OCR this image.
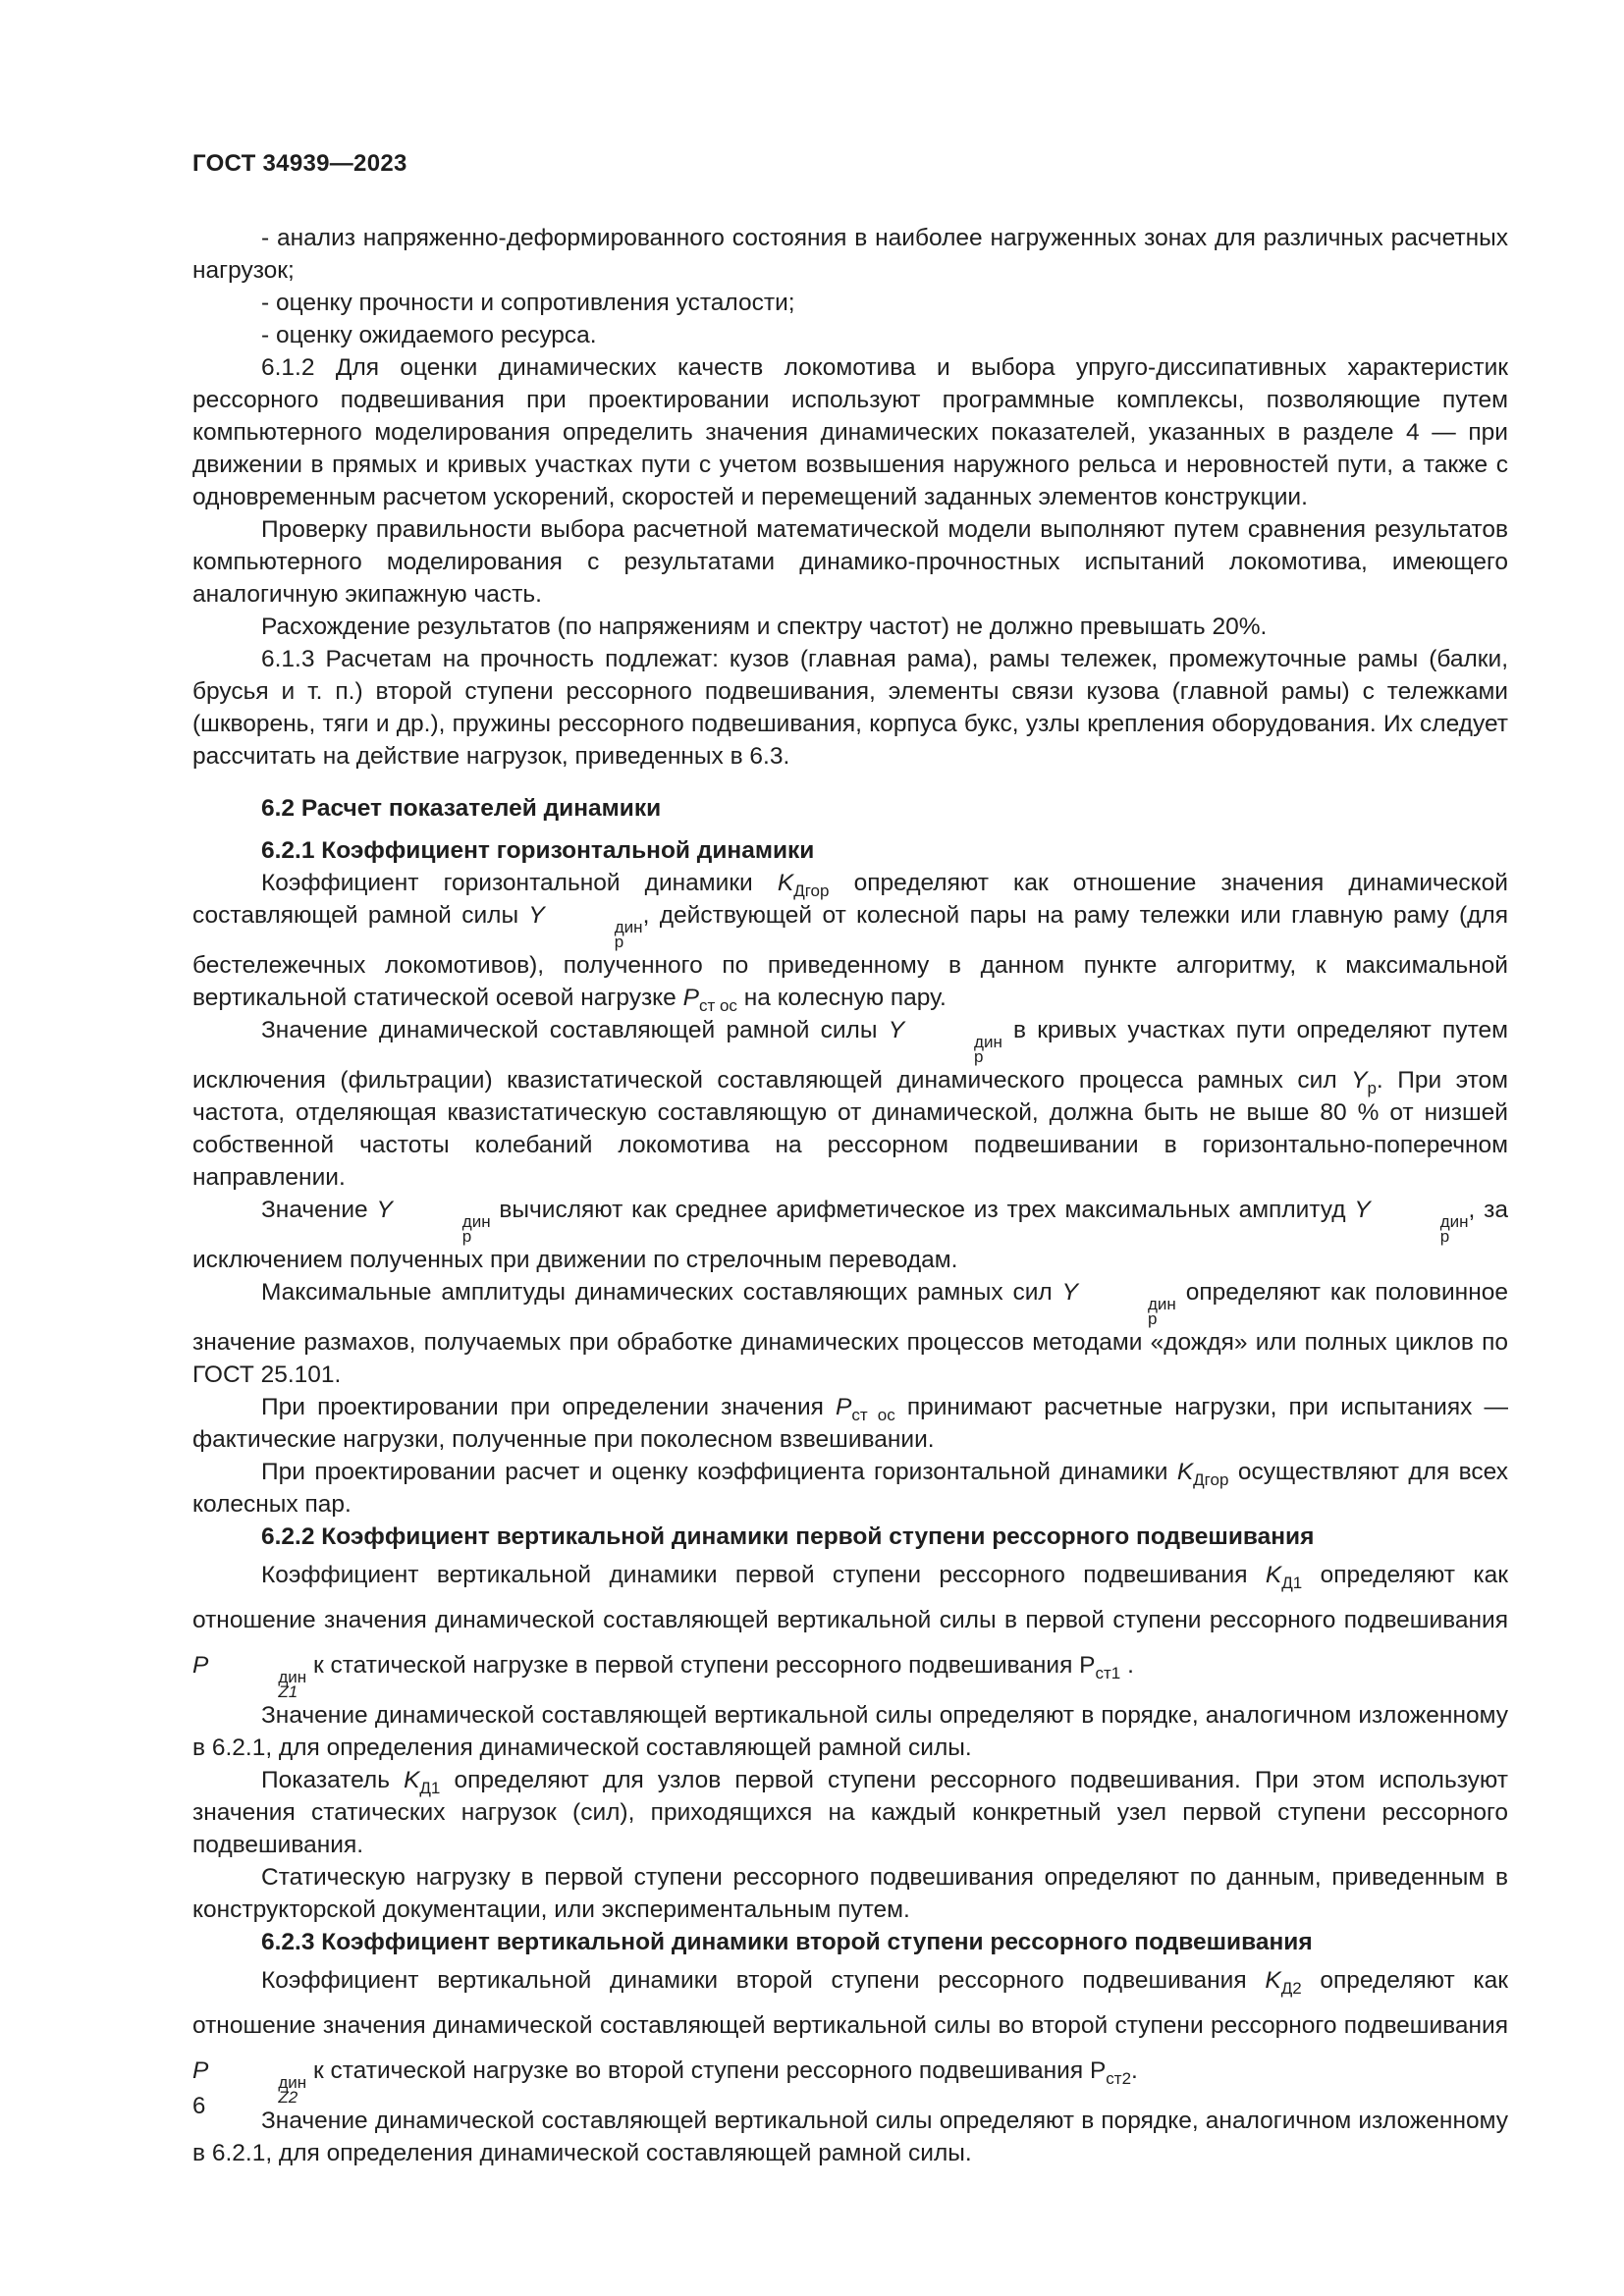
ГОСТ 34939—2023

- анализ напряженно-деформированного состояния в наиболее нагруженных зонах для различных расчетных нагрузок;

- оценку прочности и сопротивления усталости;

- оценку ожидаемого ресурса.

6.1.2 Для оценки динамических качеств локомотива и выбора упруго-диссипативных характеристик рессорного подвешивания при проектировании используют программные комплексы, позволяющие путем компьютерного моделирования определить значения динамических показателей, указанных в разделе 4 — при движении в прямых и кривых участках пути с учетом возвышения наружного рельса и неровностей пути, а также с одновременным расчетом ускорений, скоростей и перемещений заданных элементов конструкции.

Проверку правильности выбора расчетной математической модели выполняют путем сравнения результатов компьютерного моделирования с результатами динамико-прочностных испытаний локомотива, имеющего аналогичную экипажную часть.

Расхождение результатов (по напряжениям и спектру частот) не должно превышать 20%.

6.1.3 Расчетам на прочность подлежат: кузов (главная рама), рамы тележек, промежуточные рамы (балки, брусья и т. п.) второй ступени рессорного подвешивания, элементы связи кузова (главной рамы) с тележками (шкворень, тяги и др.), пружины рессорного подвешивания, корпуса букс, узлы крепления оборудования. Их следует рассчитать на действие нагрузок, приведенных в 6.3.

6.2 Расчет показателей динамики
6.2.1 Коэффициент горизонтальной динамики

Коэффициент горизонтальной динамики $K_{Дгор}$ определяют как отношение значения динамической составляющей рамной силы Y	дин
р
, действующей от колесной пары на раму тележки или главную раму (для бестележечных локомотивов), полученного по приведенному в данном пункте алгоритму, к максимальной вертикальной статической осевой нагрузке $P_{ст ос}$ на колесную пару.

Значение динамической составляющей рамной силы Y	дин
р
в кривых участках пути определяют путем исключения (фильтрации) квазистатической составляющей динамического процесса рамных сил $Y_р$. При этом частота, отделяющая квазистатическую составляющую от динамической, должна быть не выше 80 % от низшей собственной частоты колебаний локомотива на рессорном подвешивании в горизонтально-поперечном направлении.

Значение Y	дин
р
вычисляют как среднее арифметическое из трех максимальных амплитуд Y	дин
р
, за исключением полученных при движении по стрелочным переводам.

Максимальные амплитуды динамических составляющих рамных сил Y	дин
р
определяют как половинное значение размахов, получаемых при обработке динамических процессов методами «дождя» или полных циклов по ГОСТ 25.101.

При проектировании при определении значения $P_{ст ос}$ принимают расчетные нагрузки, при испытаниях — фактические нагрузки, полученные при поколесном взвешивании.

При проектировании расчет и оценку коэффициента горизонтальной динамики $K_{Дгор}$ осуществляют для всех колесных пар.

6.2.2 Коэффициент вертикальной динамики первой ступени рессорного подвешивания

Коэффициент вертикальной динамики первой ступени рессорного подвешивания $K_{Д1}$ определяют как отношение значения динамической составляющей вертикальной силы в первой ступени рессорного подвешивания P	дин
Z1
к статической нагрузке в первой ступени рессорного подвешивания $P_{ст1}$ .

Значение динамической составляющей вертикальной силы определяют в порядке, аналогичном изложенному в 6.2.1, для определения динамической составляющей рамной силы.

Показатель $K_{Д1}$ определяют для узлов первой ступени рессорного подвешивания. При этом используют значения статических нагрузок (сил), приходящихся на каждый конкретный узел первой ступени рессорного подвешивания.

Статическую нагрузку в первой ступени рессорного подвешивания определяют по данным, приведенным в конструкторской документации, или экспериментальным путем.

6.2.3 Коэффициент вертикальной динамики второй ступени рессорного подвешивания

Коэффициент вертикальной динамики второй ступени рессорного подвешивания $K_{Д2}$ определяют как отношение значения динамической составляющей вертикальной силы во второй ступени рессорного подвешивания P	дин
Z2
к статической нагрузке во второй ступени рессорного подвешивания $P_{ст2}$.

Значение динамической составляющей вертикальной силы определяют в порядке, аналогичном изложенному в 6.2.1, для определения динамической составляющей рамной силы.

6
